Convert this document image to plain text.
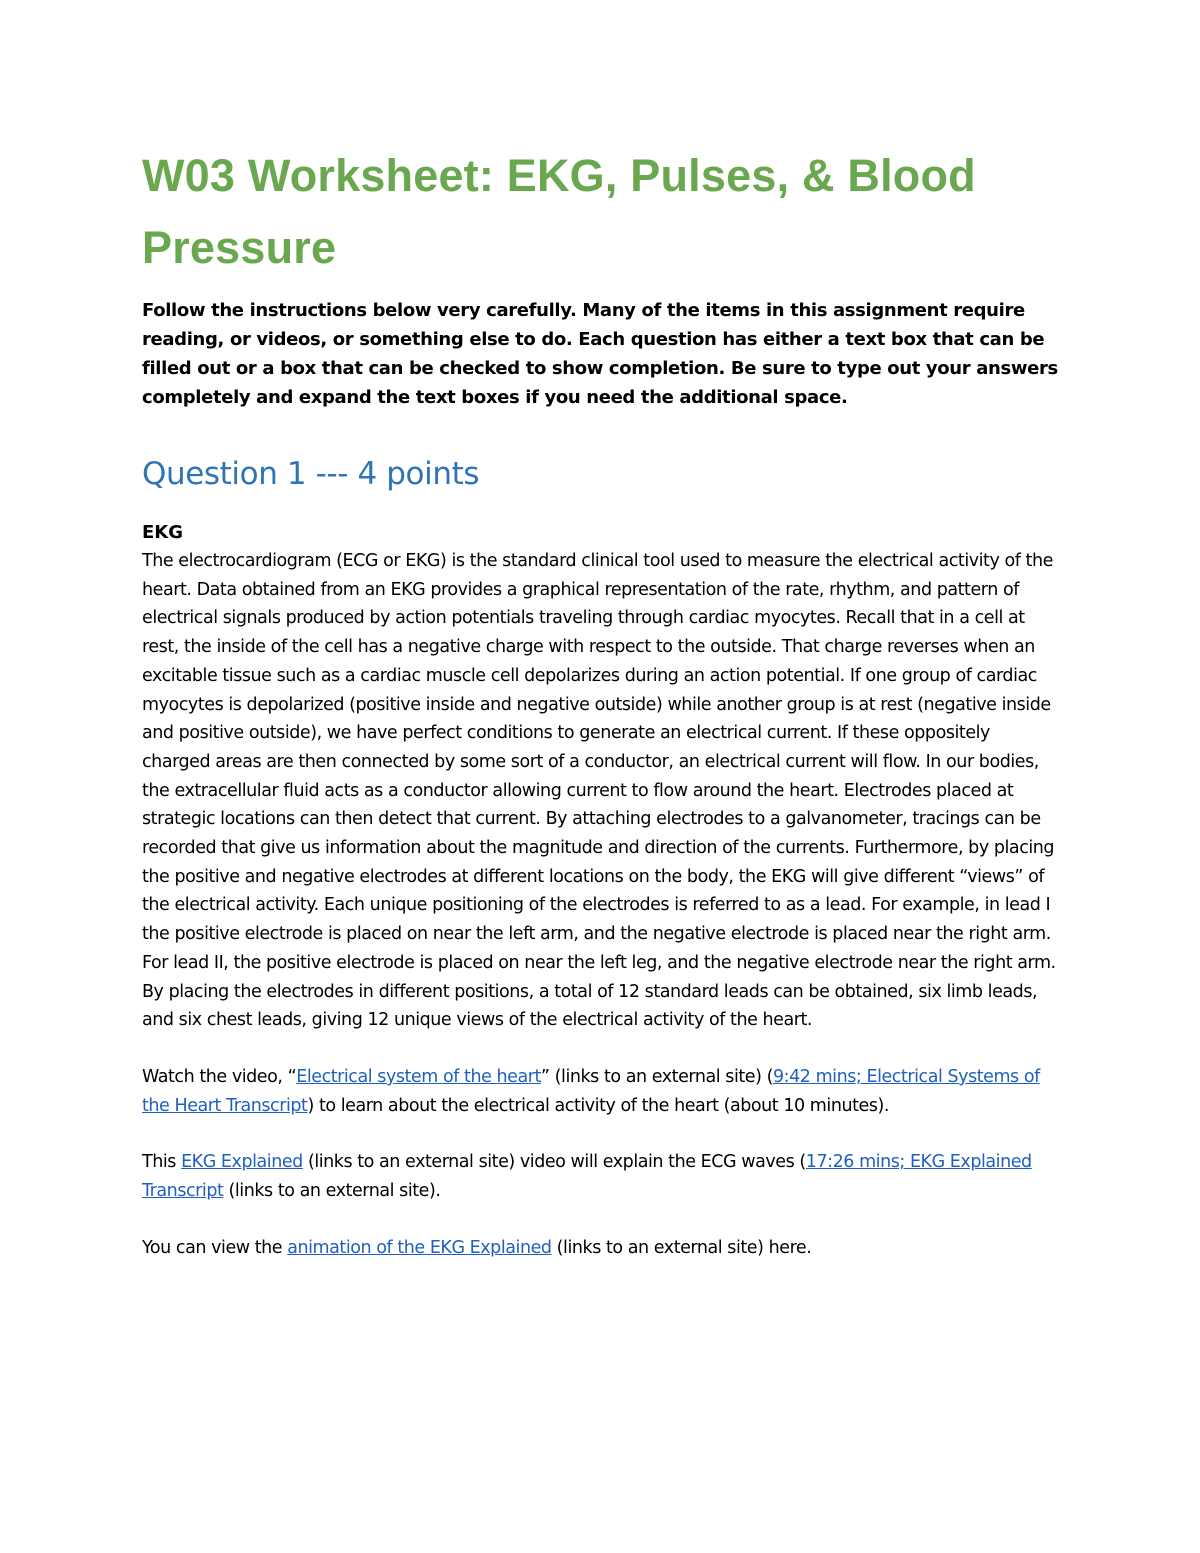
W03 Worksheet: EKG, Pulses, & Blood Pressure

Follow the instructions below very carefully. Many of the items in this assignment require reading, or videos, or something else to do. Each question has either a text box that can be filled out or a box that can be checked to show completion. Be sure to type out your answers completely and expand the text boxes if you need the additional space.

Question 1 --- 4 points
EKG

The electrocardiogram (ECG or EKG) is the standard clinical tool used to measure the electrical activity of the heart. Data obtained from an EKG provides a graphical representation of the rate, rhythm, and pattern of electrical signals produced by action potentials traveling through cardiac myocytes. Recall that in a cell at rest, the inside of the cell has a negative charge with respect to the outside. That charge reverses when an excitable tissue such as a cardiac muscle cell depolarizes during an action potential. If one group of cardiac myocytes is depolarized (positive inside and negative outside) while another group is at rest (negative inside and positive outside), we have perfect conditions to generate an electrical current. If these oppositely charged areas are then connected by some sort of a conductor, an electrical current will flow. In our bodies, the extracellular fluid acts as a conductor allowing current to flow around the heart. Electrodes placed at strategic locations can then detect that current. By attaching electrodes to a galvanometer, tracings can be recorded that give us information about the magnitude and direction of the currents. Furthermore, by placing the positive and negative electrodes at different locations on the body, the EKG will give different “views” of the electrical activity. Each unique positioning of the electrodes is referred to as a lead. For example, in lead I the positive electrode is placed on near the left arm, and the negative electrode is placed near the right arm. For lead II, the positive electrode is placed on near the left leg, and the negative electrode near the right arm. By placing the electrodes in different positions, a total of 12 standard leads can be obtained, six limb leads, and six chest leads, giving 12 unique views of the electrical activity of the heart.

Watch the video, “Electrical system of the heart” (links to an external site) (9:42 mins; Electrical Systems of the Heart Transcript) to learn about the electrical activity of the heart (about 10 minutes).

This EKG Explained (links to an external site) video will explain the ECG waves (17:26 mins; EKG Explained Transcript (links to an external site).

You can view the animation of the EKG Explained (links to an external site) here.
